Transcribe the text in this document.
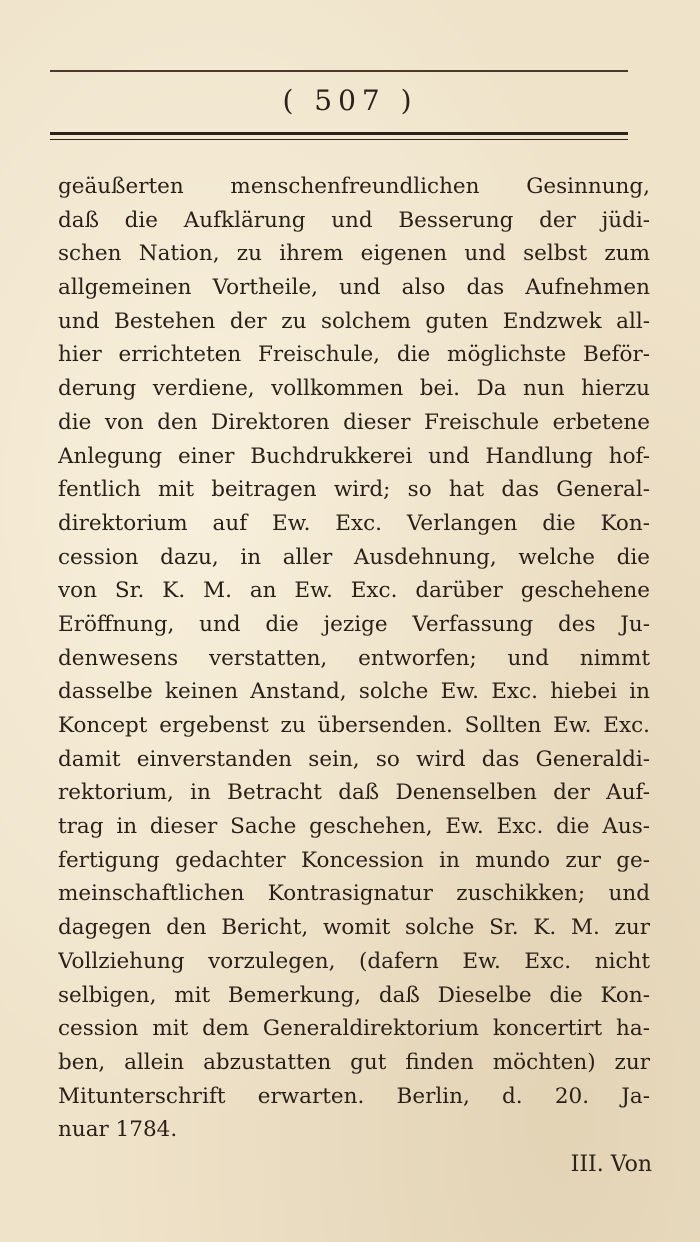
( 507 )
geäußerten menschenfreundlichen Gesinnung,
daß die Aufklärung und Besserung der jüdi-
schen Nation, zu ihrem eigenen und selbst zum
allgemeinen Vortheile, und also das Aufnehmen
und Bestehen der zu solchem guten Endzwek all-
hier errichteten Freischule, die möglichste Beför-
derung verdiene, vollkommen bei. Da nun hierzu
die von den Direktoren dieser Freischule erbetene
Anlegung einer Buchdrukkerei und Handlung hof-
fentlich mit beitragen wird; so hat das General-
direktorium auf Ew. Exc. Verlangen die Kon-
cession dazu, in aller Ausdehnung, welche die
von Sr. K. M. an Ew. Exc. darüber geschehene
Eröffnung, und die jezige Verfassung des Ju-
denwesens verstatten, entworfen; und nimmt
dasselbe keinen Anstand, solche Ew. Exc. hiebei in
Koncept ergebenst zu übersenden. Sollten Ew. Exc.
damit einverstanden sein, so wird das Generaldi-
rektorium, in Betracht daß Denenselben der Auf-
trag in dieser Sache geschehen, Ew. Exc. die Aus-
fertigung gedachter Koncession in mundo zur ge-
meinschaftlichen Kontrasignatur zuschikken; und
dagegen den Bericht, womit solche Sr. K. M. zur
Vollziehung vorzulegen, (dafern Ew. Exc. nicht
selbigen, mit Bemerkung, daß Dieselbe die Kon-
cession mit dem Generaldirektorium koncertirt ha-
ben, allein abzustatten gut finden möchten) zur
Mitunterschrift erwarten. Berlin, d. 20. Ja-
nuar 1784.
III. Von
